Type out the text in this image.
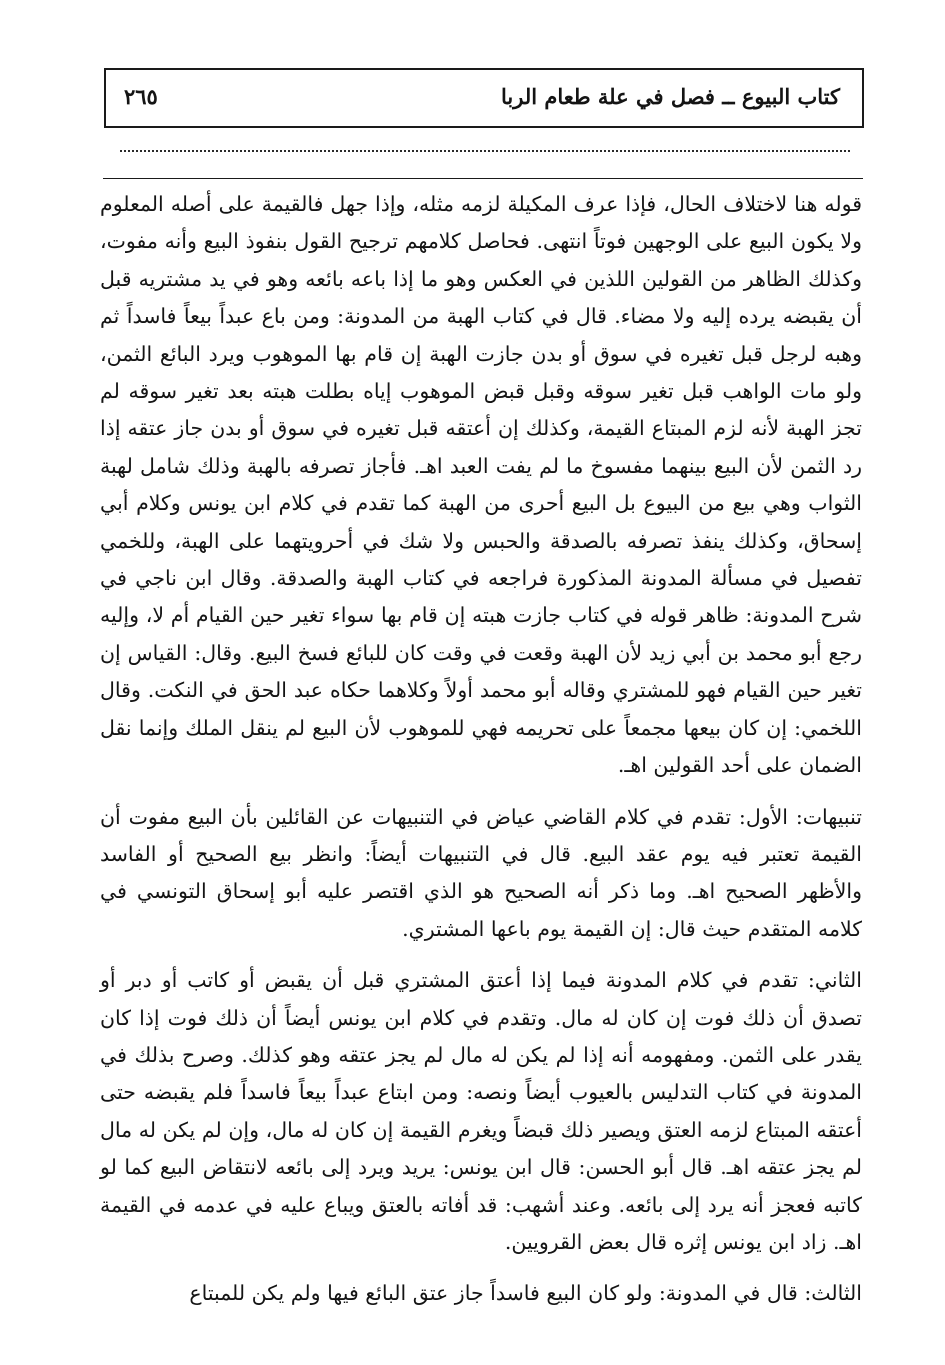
كتاب البيوع ــ فصل في علة طعام الربا
٢٦٥

قوله هنا لاختلاف الحال، فإذا عرف المكيلة لزمه مثله، وإذا جهل فالقيمة على أصله المعلوم ولا يكون البيع على الوجهين فوتاً انتهى. فحاصل كلامهم ترجيح القول بنفوذ البيع وأنه مفوت، وكذلك الظاهر من القولين اللذين في العكس وهو ما إذا باعه بائعه وهو في يد مشتريه قبل أن يقبضه يرده إليه ولا مضاء. قال في كتاب الهبة من المدونة: ومن باع عبداً بيعاً فاسداً ثم وهبه لرجل قبل تغيره في سوق أو بدن جازت الهبة إن قام بها الموهوب ويرد البائع الثمن، ولو مات الواهب قبل تغير سوقه وقبل قبض الموهوب إياه بطلت هبته بعد تغير سوقه لم تجز الهبة لأنه لزم المبتاع القيمة، وكذلك إن أعتقه قبل تغيره في سوق أو بدن جاز عتقه إذا رد الثمن لأن البيع بينهما مفسوخ ما لم يفت العبد اهـ. فأجاز تصرفه بالهبة وذلك شامل لهبة الثواب وهي بيع من البيوع بل البيع أحرى من الهبة كما تقدم في كلام ابن يونس وكلام أبي إسحاق، وكذلك ينفذ تصرفه بالصدقة والحبس ولا شك في أحرويتهما على الهبة، وللخمي تفصيل في مسألة المدونة المذكورة فراجعه في كتاب الهبة والصدقة. وقال ابن ناجي في شرح المدونة: ظاهر قوله في كتاب جازت هبته إن قام بها سواء تغير حين القيام أم لا، وإليه رجع أبو محمد بن أبي زيد لأن الهبة وقعت في وقت كان للبائع فسخ البيع. وقال: القياس إن تغير حين القيام فهو للمشتري وقاله أبو محمد أولاً وكلاهما حكاه عبد الحق في النكت. وقال اللخمي: إن كان بيعها مجمعاً على تحريمه فهي للموهوب لأن البيع لم ينقل الملك وإنما نقل الضمان على أحد القولين اهـ.

تنبيهات: الأول: تقدم في كلام القاضي عياض في التنبيهات عن القائلين بأن البيع مفوت أن القيمة تعتبر فيه يوم عقد البيع. قال في التنبيهات أيضاً: وانظر بيع الصحيح أو الفاسد والأظهر الصحيح اهـ. وما ذكر أنه الصحيح هو الذي اقتصر عليه أبو إسحاق التونسي في كلامه المتقدم حيث قال: إن القيمة يوم باعها المشتري.

الثاني: تقدم في كلام المدونة فيما إذا أعتق المشتري قبل أن يقبض أو كاتب أو دبر أو تصدق أن ذلك فوت إن كان له مال. وتقدم في كلام ابن يونس أيضاً أن ذلك فوت إذا كان يقدر على الثمن. ومفهومه أنه إذا لم يكن له مال لم يجز عتقه وهو كذلك. وصرح بذلك في المدونة في كتاب التدليس بالعيوب أيضاً ونصه: ومن ابتاع عبداً بيعاً فاسداً فلم يقبضه حتى أعتقه المبتاع لزمه العتق ويصير ذلك قبضاً ويغرم القيمة إن كان له مال، وإن لم يكن له مال لم يجز عتقه اهـ. قال أبو الحسن: قال ابن يونس: يريد ويرد إلى بائعه لانتقاض البيع كما لو كاتبه فعجز أنه يرد إلى بائعه. وعند أشهب: قد أفاته بالعتق ويباع عليه في عدمه في القيمة اهـ. زاد ابن يونس إثره قال بعض القرويين.

الثالث: قال في المدونة: ولو كان البيع فاسداً جاز عتق البائع فيها ولم يكن للمبتاع
